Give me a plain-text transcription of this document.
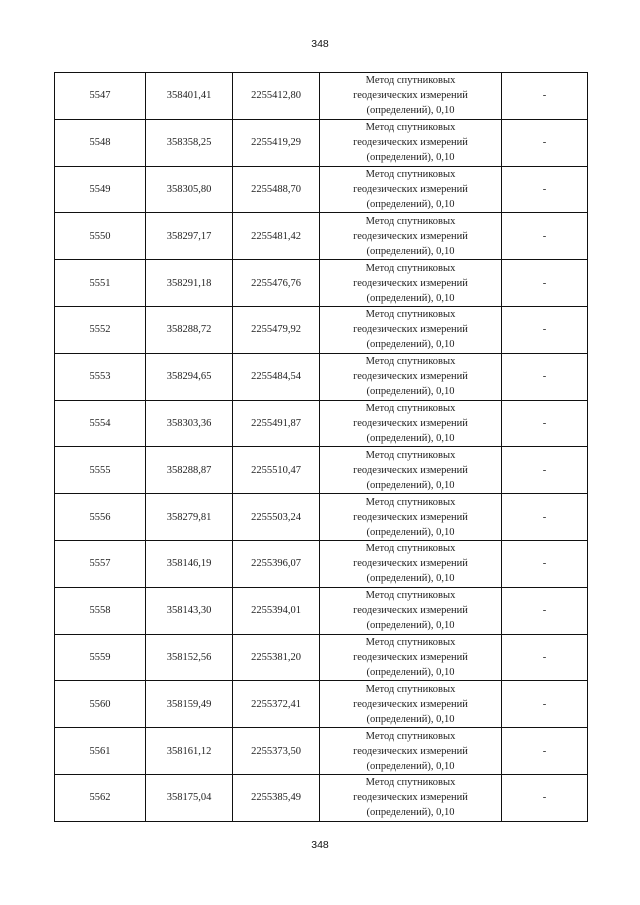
348
5547	358401,41	2255412,80	Метод спутниковых
геодезических измерений
(определений), 0,10	-
5548	358358,25	2255419,29	Метод спутниковых
геодезических измерений
(определений), 0,10	-
5549	358305,80	2255488,70	Метод спутниковых
геодезических измерений
(определений), 0,10	-
5550	358297,17	2255481,42	Метод спутниковых
геодезических измерений
(определений), 0,10	-
5551	358291,18	2255476,76	Метод спутниковых
геодезических измерений
(определений), 0,10	-
5552	358288,72	2255479,92	Метод спутниковых
геодезических измерений
(определений), 0,10	-
5553	358294,65	2255484,54	Метод спутниковых
геодезических измерений
(определений), 0,10	-
5554	358303,36	2255491,87	Метод спутниковых
геодезических измерений
(определений), 0,10	-
5555	358288,87	2255510,47	Метод спутниковых
геодезических измерений
(определений), 0,10	-
5556	358279,81	2255503,24	Метод спутниковых
геодезических измерений
(определений), 0,10	-
5557	358146,19	2255396,07	Метод спутниковых
геодезических измерений
(определений), 0,10	-
5558	358143,30	2255394,01	Метод спутниковых
геодезических измерений
(определений), 0,10	-
5559	358152,56	2255381,20	Метод спутниковых
геодезических измерений
(определений), 0,10	-
5560	358159,49	2255372,41	Метод спутниковых
геодезических измерений
(определений), 0,10	-
5561	358161,12	2255373,50	Метод спутниковых
геодезических измерений
(определений), 0,10	-
5562	358175,04	2255385,49	Метод спутниковых
геодезических измерений
(определений), 0,10	-
348
